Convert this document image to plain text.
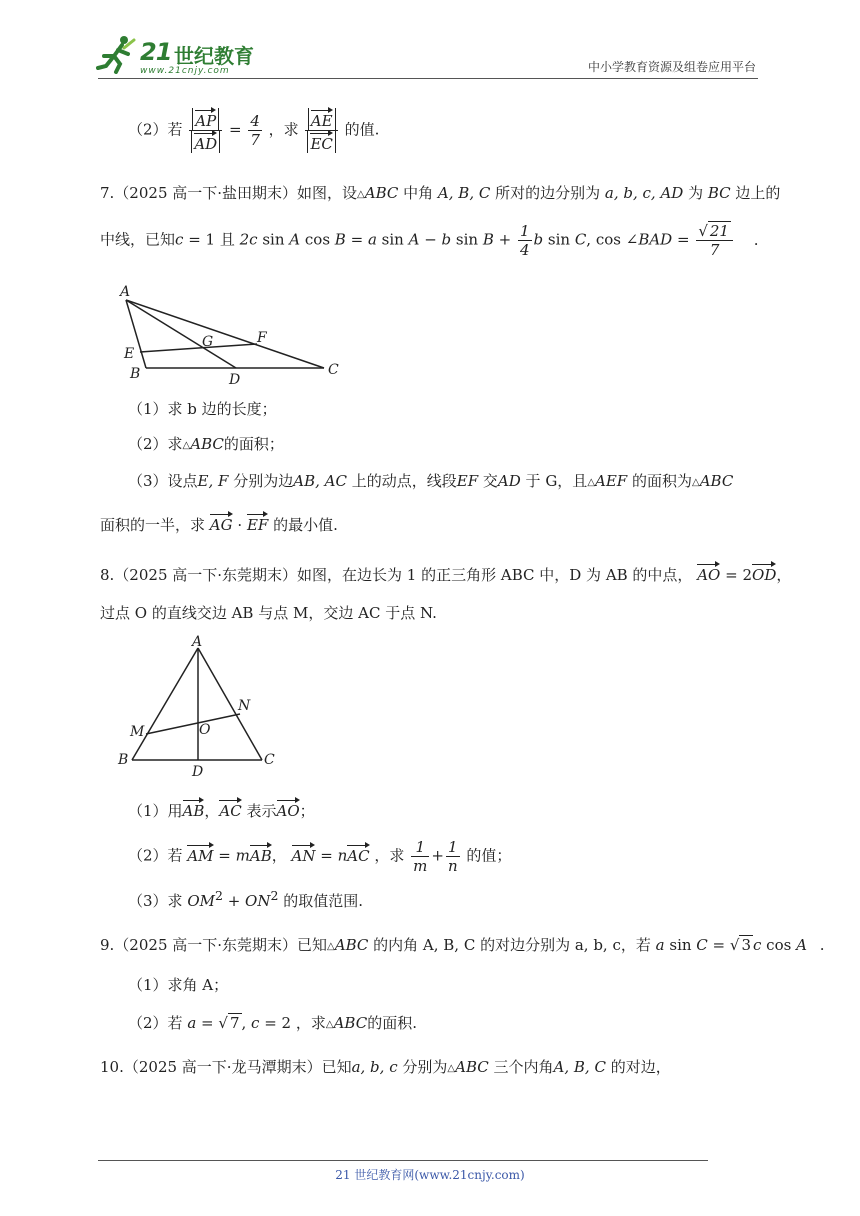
21 世纪教育
www.21cnjy.com	中小学教育资源及组卷应用平台
（2）若 $\frac{AP}{AD} = \frac{4}{7}$ ，求 $\frac{AE}{EC}$ 的值.
7.（2025 高一下·盐田期末）如图，设△ABC 中角 A, B, C 所对的边分别为 a, b, c, AD 为 BC 边上的
中线，已知c = 1 且 2c sin A cos B = a sin A − b $\sin B + \frac{1}{4}$ b sin C, cos ∠BAD = $\frac{√ 21}{7}$ .
A
E
B
G	F
D
C
（1）求 b 边的长度；
（2）求△ABC的面积；
（3）设点E, F 分别为边AB, AC 上的动点，线段EF 交AD 于 G，且△AEF 的面积为△ABC
面积的一半，求 AG · EF 的最小值.
8.（2025 高一下·东莞期末）如图，在边长为 1 的正三角形 ABC 中，D 为 AB 的中点， AO = 2OD，
过点 O 的直线交边 AB 与点 M，交边 AC 于点 N.
A
M	O
N
B
D
C
（1）用AB，AC 表示AO；
（2）若 AM = mAB， AN = nAC ，求 $\frac{1}{m} + \frac{1}{n}$ 的值；
（3）求 $OM^2 + ON^2$ 的取值范围.
9.（2025 高一下·东莞期末）已知△ABC 的内角 A, B, C 的对边分别为 a, b, c，若 a sin C = √ 3 c cos A .
（1）求角 A；
（2）若 a = √ 7 , c = 2 ，求△ABC的面积.
10.（2025 高一下·龙马潭期末）已知a, b, c 分别为△ABC 三个内角A, B, C 的对边，
21 世纪教育网(www.21cnjy.com)
